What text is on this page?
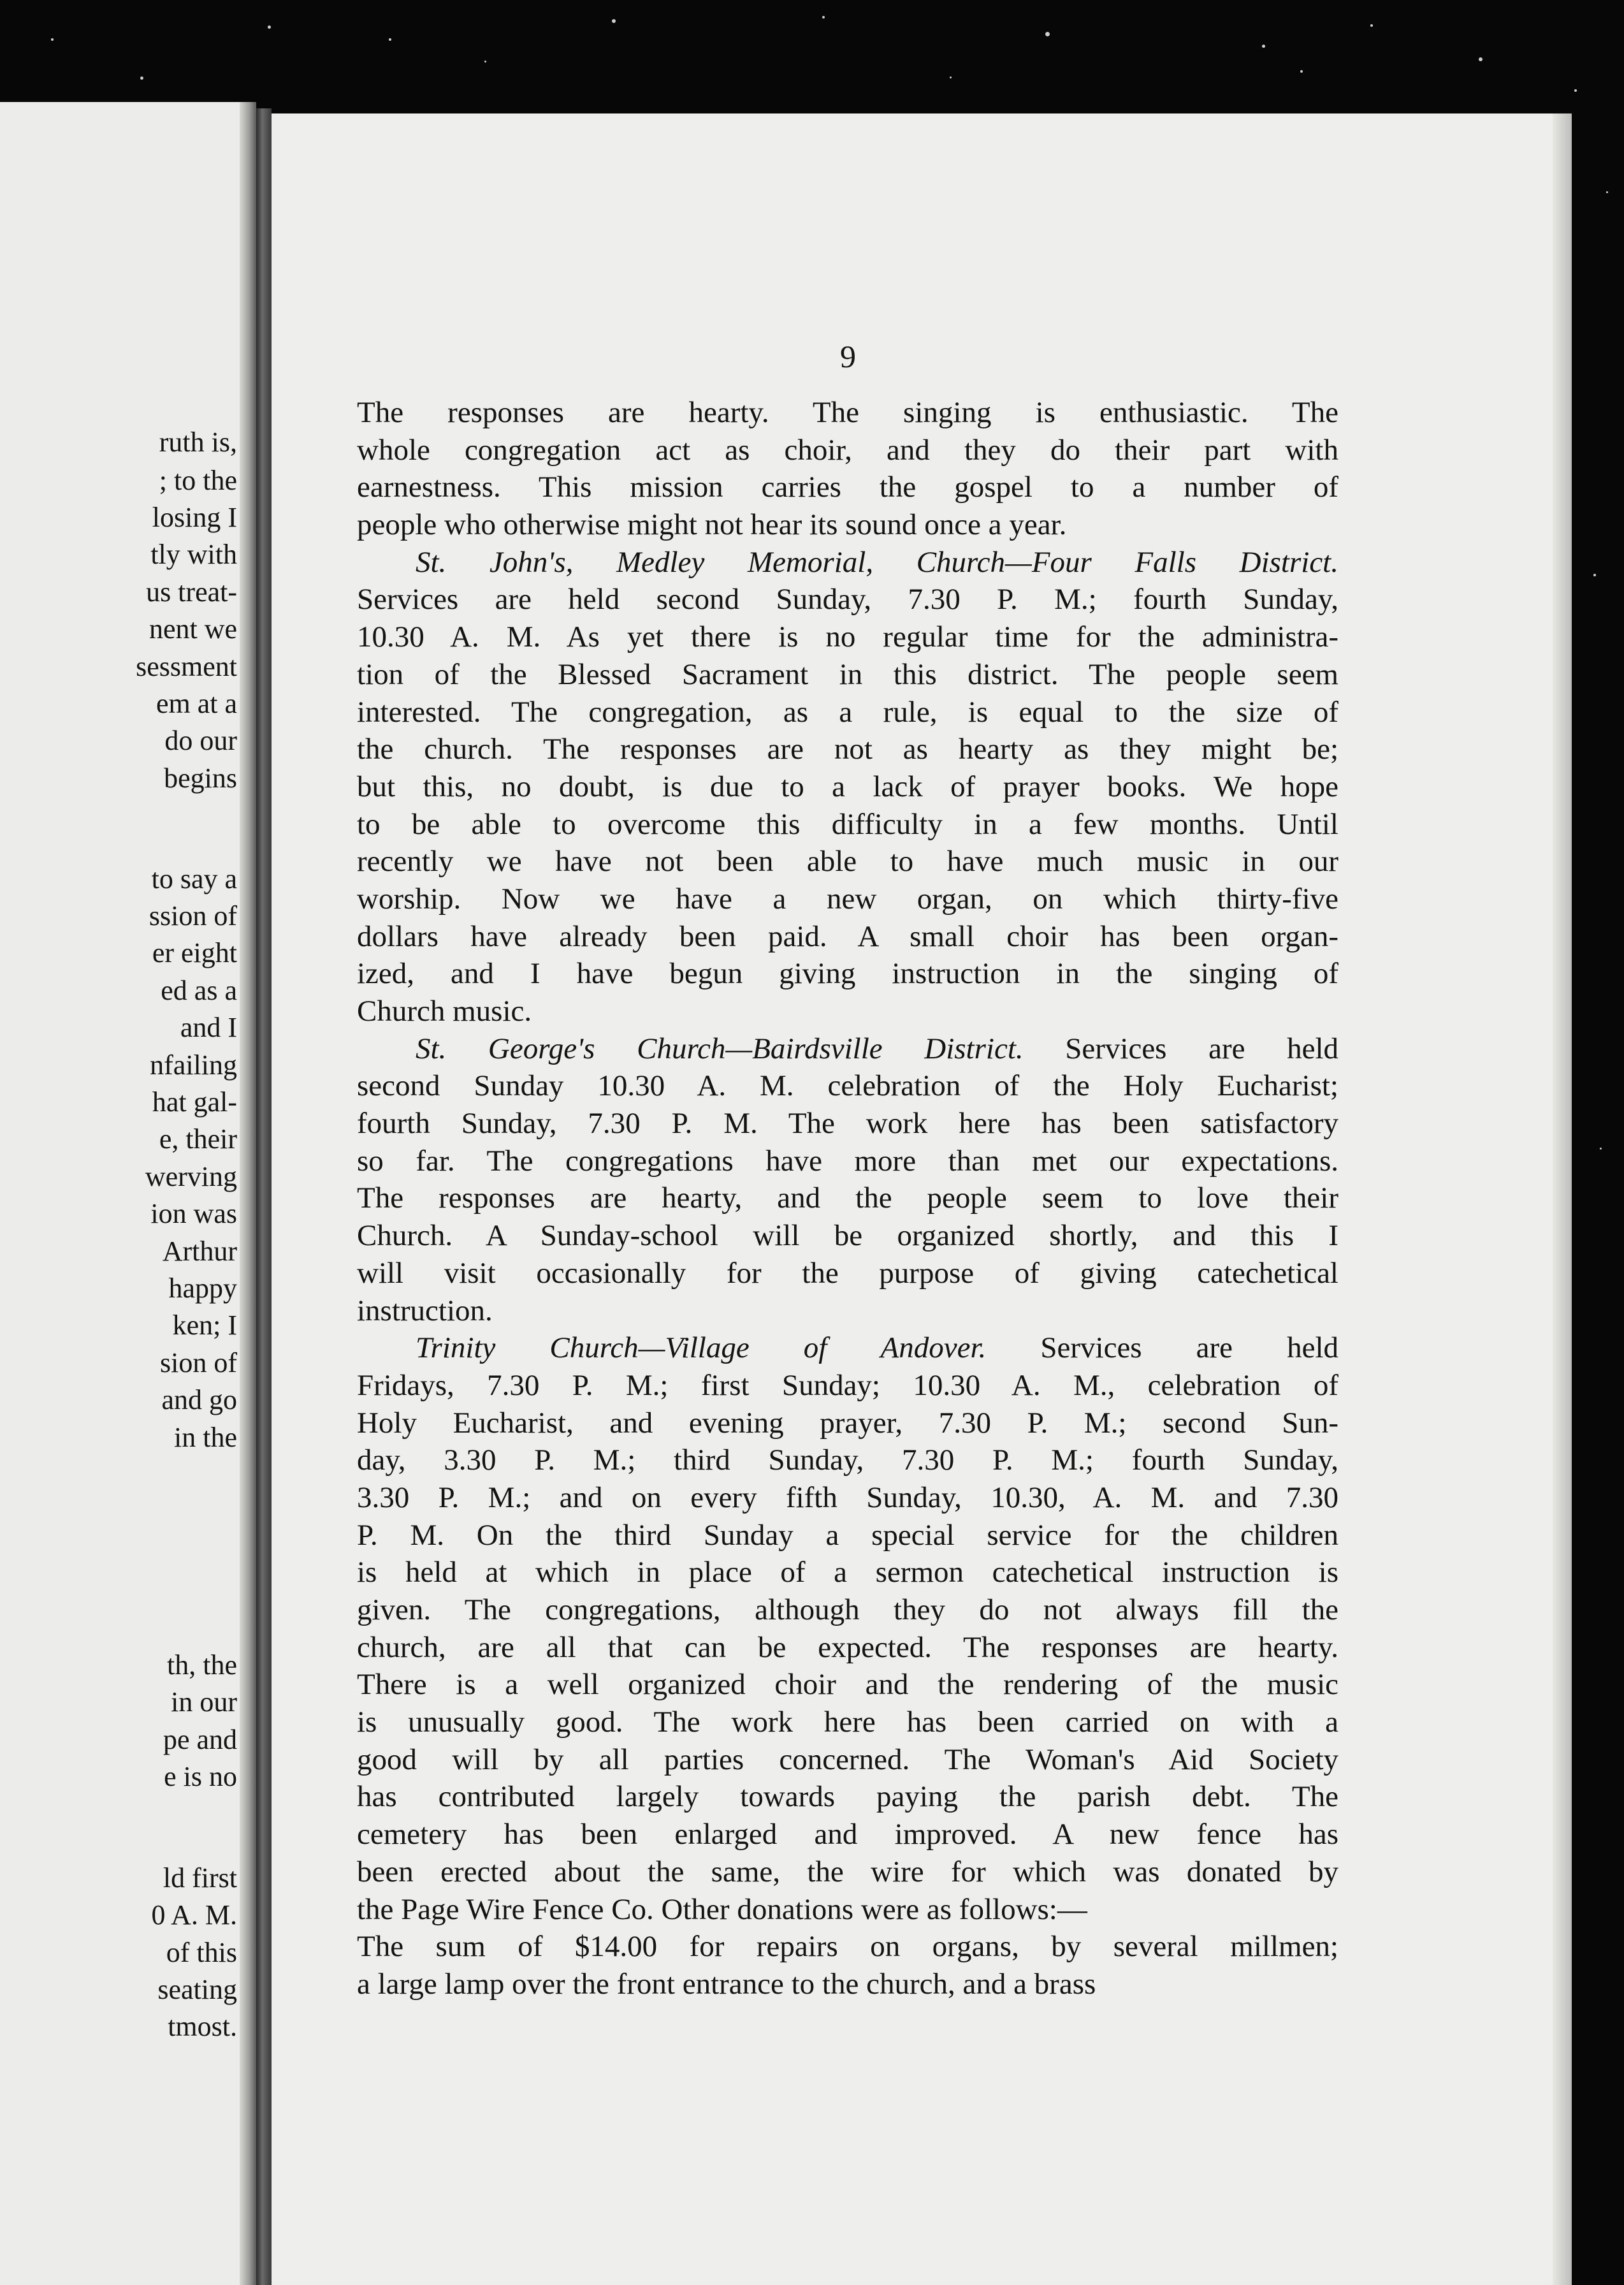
ruth is,
; to the
losing I
tly with
us treat-
nent we
sessment
em at a
do our
begins
to say a
ssion of
er eight
ed as a
and I
nfailing
hat gal-
e, their
werving
ion was
Arthur
happy
ken; I
sion of
and go
in the
th, the
in our
pe and
e is no
ld first
0 A. M.
of this
seating
tmost.
9
The responses are hearty. The singing is enthusiastic. The
whole congregation act as choir, and they do their part with
earnestness. This mission carries the gospel to a number of
people who otherwise might not hear its sound once a year.
St. John's, Medley Memorial, Church—Four Falls District.
Services are held second Sunday, 7.30 P. M.; fourth Sunday,
10.30 A. M. As yet there is no regular time for the administra-
tion of the Blessed Sacrament in this district. The people seem
interested. The congregation, as a rule, is equal to the size of
the church. The responses are not as hearty as they might be;
but this, no doubt, is due to a lack of prayer books. We hope
to be able to overcome this difficulty in a few months. Until
recently we have not been able to have much music in our
worship. Now we have a new organ, on which thirty-five
dollars have already been paid. A small choir has been organ-
ized, and I have begun giving instruction in the singing of
Church music.
St. George's Church—Bairdsville District. Services are held
second Sunday 10.30 A. M. celebration of the Holy Eucharist;
fourth Sunday, 7.30 P. M. The work here has been satisfactory
so far. The congregations have more than met our expectations.
The responses are hearty, and the people seem to love their
Church. A Sunday-school will be organized shortly, and this I
will visit occasionally for the purpose of giving catechetical
instruction.
Trinity Church—Village of Andover. Services are held
Fridays, 7.30 P. M.; first Sunday; 10.30 A. M., celebration of
Holy Eucharist, and evening prayer, 7.30 P. M.; second Sun-
day, 3.30 P. M.; third Sunday, 7.30 P. M.; fourth Sunday,
3.30 P. M.; and on every fifth Sunday, 10.30, A. M. and 7.30
P. M. On the third Sunday a special service for the children
is held at which in place of a sermon catechetical instruction is
given. The congregations, although they do not always fill the
church, are all that can be expected. The responses are hearty.
There is a well organized choir and the rendering of the music
is unusually good. The work here has been carried on with a
good will by all parties concerned. The Woman's Aid Society
has contributed largely towards paying the parish debt. The
cemetery has been enlarged and improved. A new fence has
been erected about the same, the wire for which was donated by
the Page Wire Fence Co. Other donations were as follows:—
The sum of $14.00 for repairs on organs, by several millmen;
a large lamp over the front entrance to the church, and a brass
